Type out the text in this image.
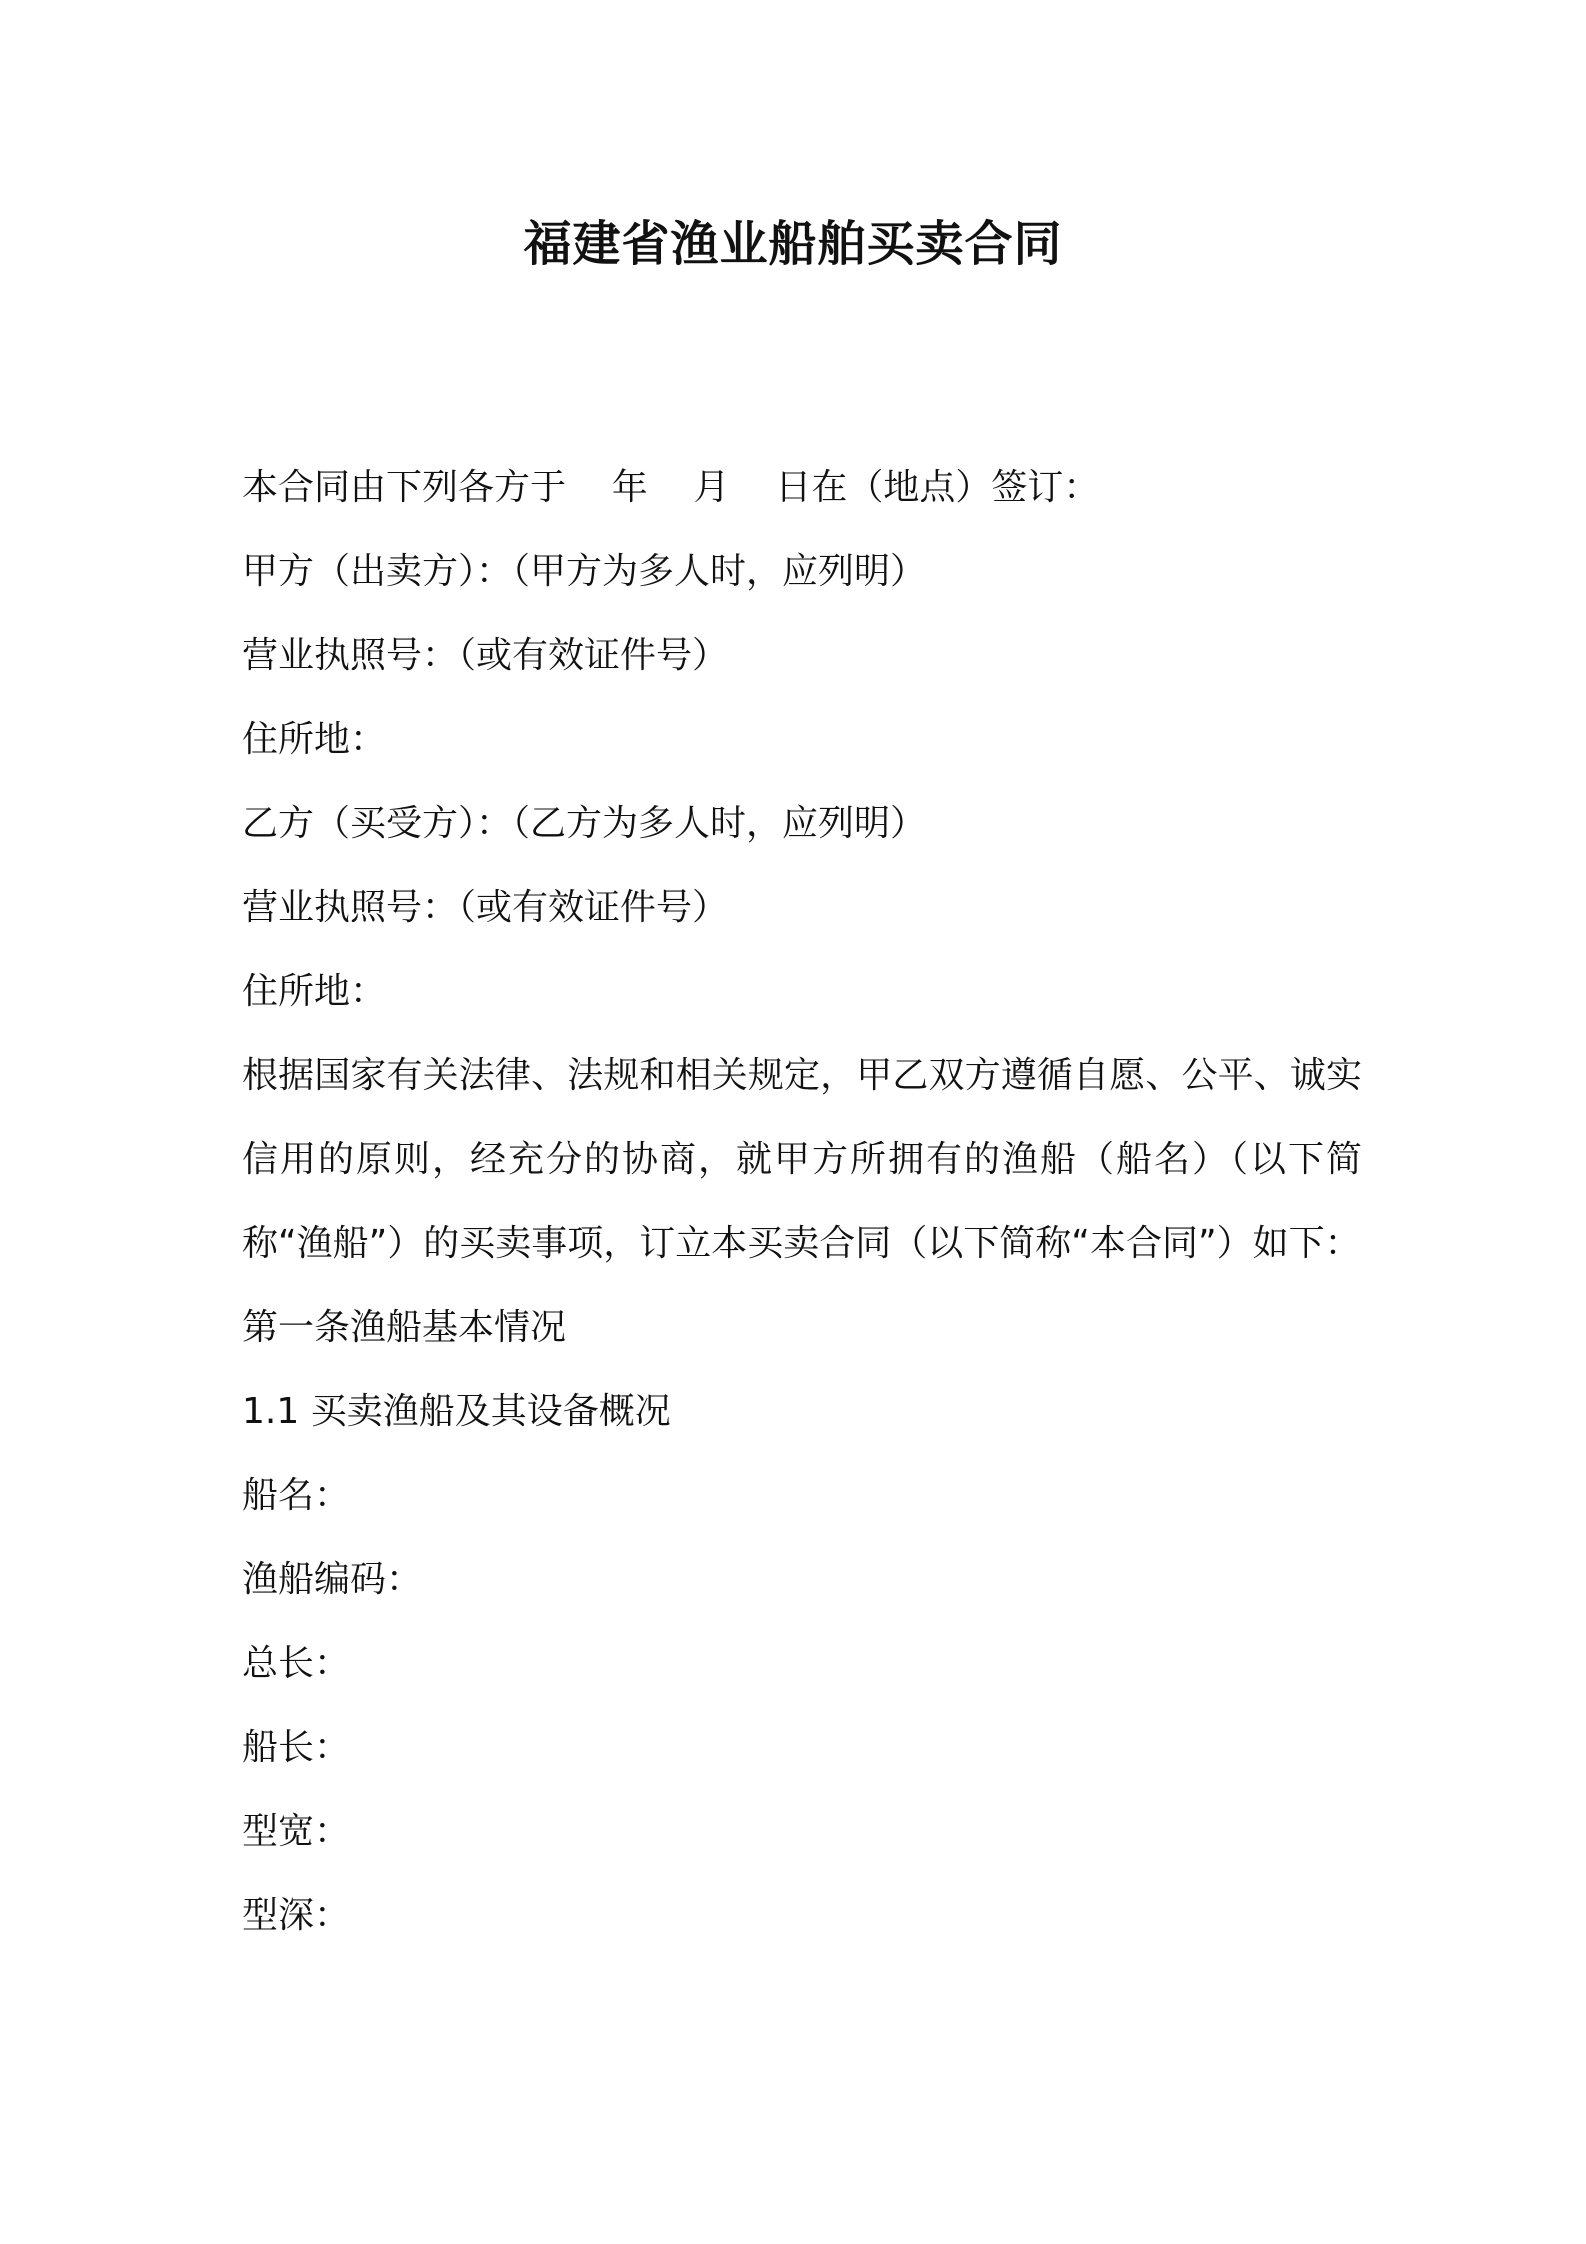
福建省渔业船舶买卖合同
本合同由下列各方于    年    月    日在（地点）签订：
甲方（出卖方）：（甲方为多人时，应列明）
营业执照号：（或有效证件号）
住所地：
乙方（买受方）：（乙方为多人时，应列明）
营业执照号：（或有效证件号）
住所地：
根据国家有关法律、法规和相关规定，甲乙双方遵循自愿、公平、诚实信用的原则，经充分的协商，就甲方所拥有的渔船（船名）（以下简称“渔船”）的买卖事项，订立本买卖合同（以下简称“本合同”）如下：
第一条渔船基本情况
1.1 买卖渔船及其设备概况
船名：
渔船编码：
总长：
船长：
型宽：
型深：
